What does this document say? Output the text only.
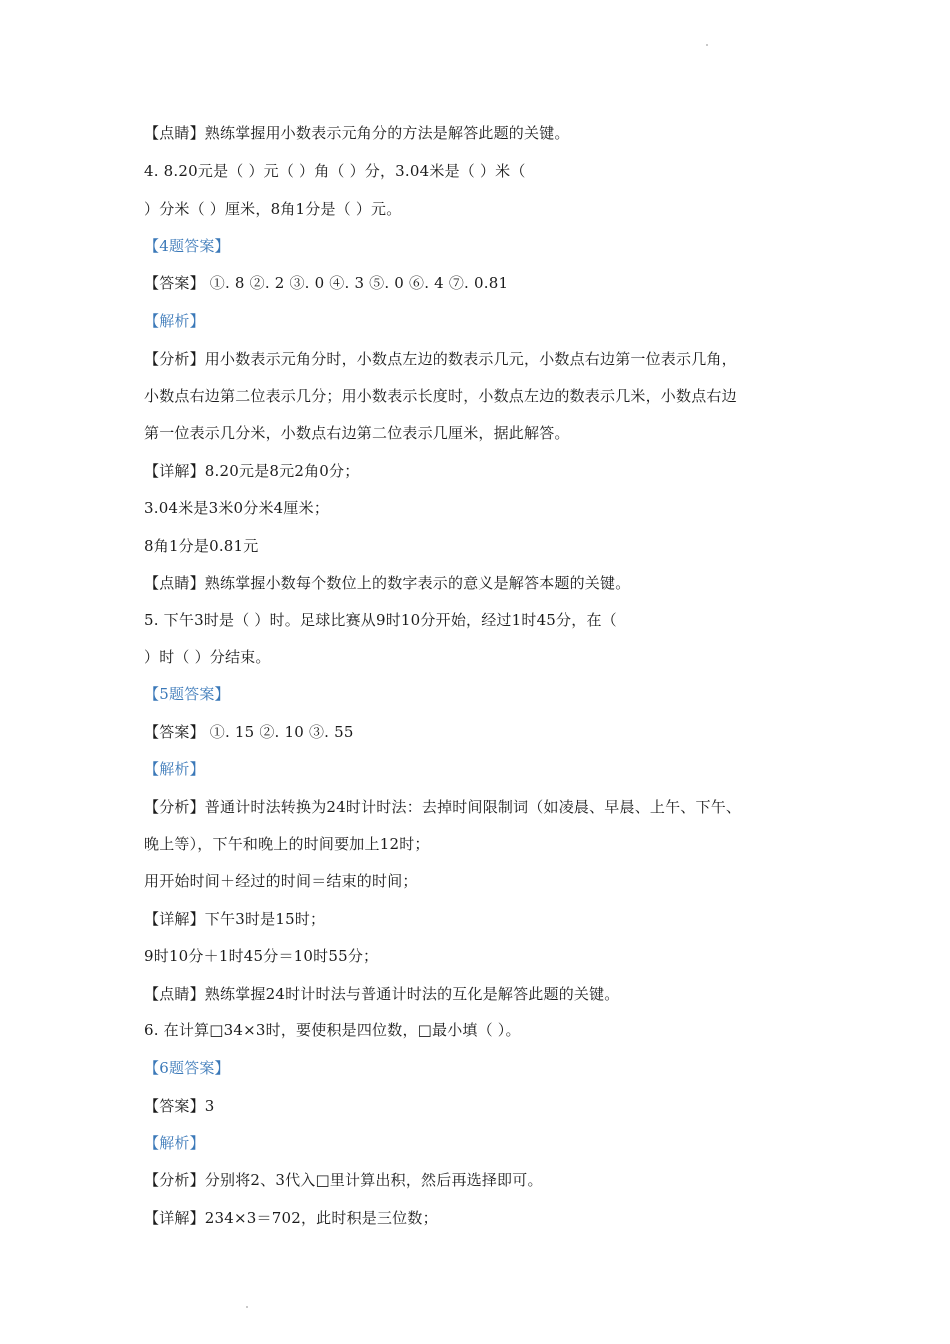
【点睛】熟练掌握用小数表示元角分的方法是解答此题的关键。
4. 8.20元是（ ）元（ ）角（ ）分，3.04米是（ ）米（
）分米（ ）厘米，8角1分是（ ）元。
【4题答案】
【答案】 ①. 8 ②. 2 ③. 0 ④. 3 ⑤. 0 ⑥. 4 ⑦. 0.81
【解析】
【分析】用小数表示元角分时，小数点左边的数表示几元，小数点右边第一位表示几角，
小数点右边第二位表示几分；用小数表示长度时，小数点左边的数表示几米，小数点右边
第一位表示几分米，小数点右边第二位表示几厘米，据此解答。
【详解】8.20元是8元2角0分；
3.04米是3米0分米4厘米；
8角1分是0.81元
【点睛】熟练掌握小数每个数位上的数字表示的意义是解答本题的关键。
5. 下午3时是（ ）时。足球比赛从9时10分开始，经过1时45分，在（
）时（ ）分结束。
【5题答案】
【答案】 ①. 15 ②. 10 ③. 55
【解析】
【分析】普通计时法转换为24时计时法：去掉时间限制词（如凌晨、早晨、上午、下午、
晚上等），下午和晚上的时间要加上12时；
用开始时间＋经过的时间＝结束的时间；
【详解】下午3时是15时；
9时10分＋1时45分＝10时55分；
【点睛】熟练掌握24时计时法与普通计时法的互化是解答此题的关键。
6. 在计算□34×3时，要使积是四位数，□最小填（ ）。
【6题答案】
【答案】3
【解析】
【分析】分别将2、3代入□里计算出积，然后再选择即可。
【详解】234×3＝702，此时积是三位数；
